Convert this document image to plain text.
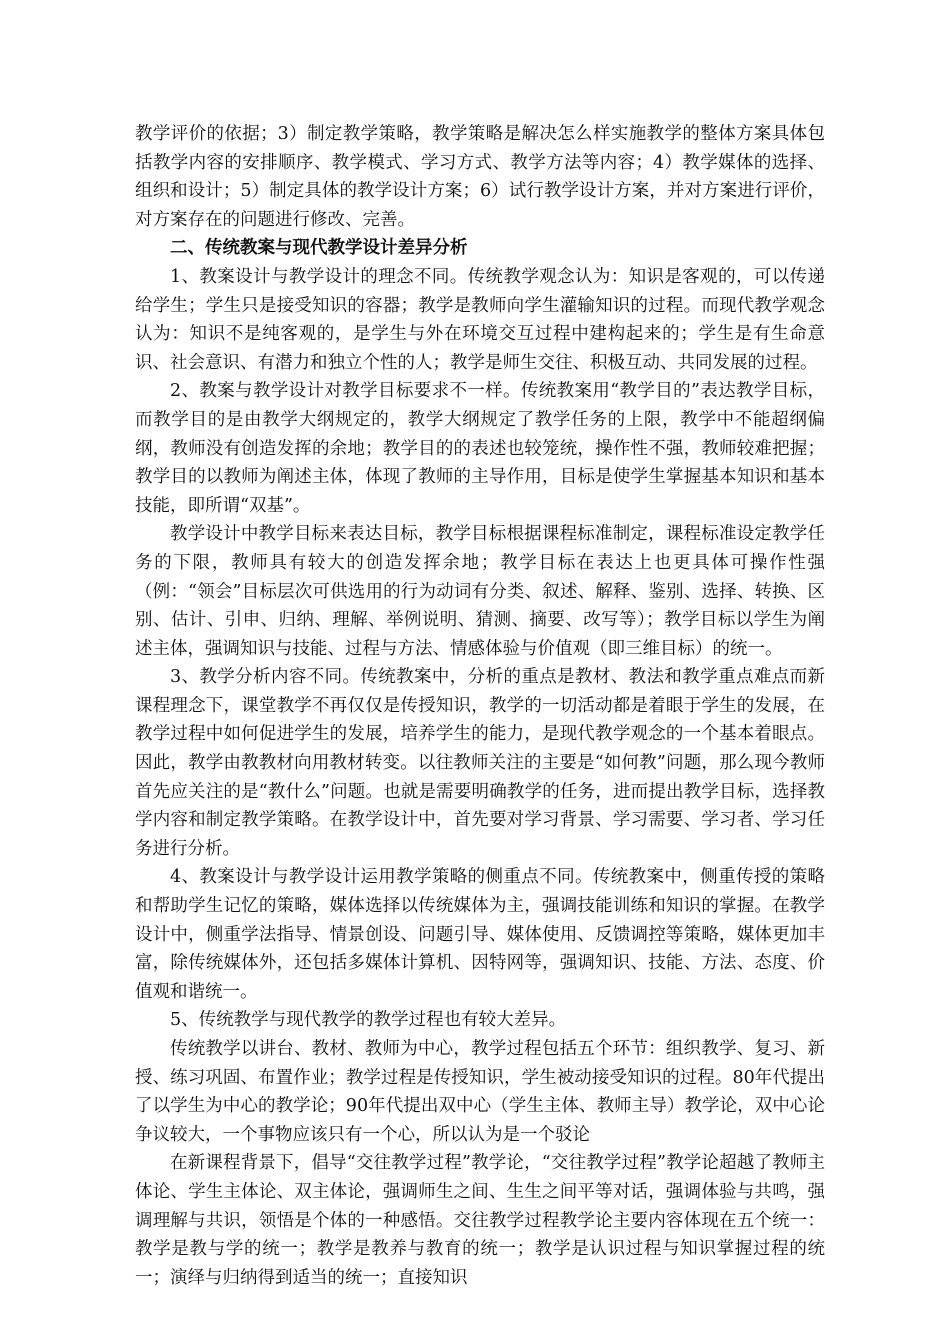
教学评价的依据；3）制定教学策略，教学策略是解决怎么样实施教学的整体方案具体包括教学内容的安排顺序、教学模式、学习方式、教学方法等内容；4）教学媒体的选择、组织和设计；5）制定具体的教学设计方案；6）试行教学设计方案，并对方案进行评价，对方案存在的问题进行修改、完善。

二、传统教案与现代教学设计差异分析

1、教案设计与教学设计的理念不同。传统教学观念认为：知识是客观的，可以传递给学生；学生只是接受知识的容器；教学是教师向学生灌输知识的过程。而现代教学观念认为：知识不是纯客观的，是学生与外在环境交互过程中建构起来的；学生是有生命意识、社会意识、有潜力和独立个性的人；教学是师生交往、积极互动、共同发展的过程。

2、教案与教学设计对教学目标要求不一样。传统教案用“教学目的”表达教学目标，而教学目的是由教学大纲规定的，教学大纲规定了教学任务的上限，教学中不能超纲偏纲，教师没有创造发挥的余地；教学目的的表述也较笼统，操作性不强，教师较难把握；教学目的以教师为阐述主体，体现了教师的主导作用，目标是使学生掌握基本知识和基本技能，即所谓“双基”。

教学设计中教学目标来表达目标，教学目标根据课程标准制定，课程标准设定教学任务的下限，教师具有较大的创造发挥余地；教学目标在表达上也更具体可操作性强（例：“领会”目标层次可供选用的行为动词有分类、叙述、解释、鉴别、选择、转换、区别、估计、引申、归纳、理解、举例说明、猜测、摘要、改写等）；教学目标以学生为阐述主体，强调知识与技能、过程与方法、情感体验与价值观（即三维目标）的统一。

3、教学分析内容不同。传统教案中，分析的重点是教材、教法和教学重点难点而新课程理念下，课堂教学不再仅仅是传授知识，教学的一切活动都是着眼于学生的发展，在教学过程中如何促进学生的发展，培养学生的能力，是现代教学观念的一个基本着眼点。因此，教学由教教材向用教材转变。以往教师关注的主要是“如何教”问题，那么现今教师首先应关注的是“教什么”问题。也就是需要明确教学的任务，进而提出教学目标，选择教学内容和制定教学策略。在教学设计中，首先要对学习背景、学习需要、学习者、学习任务进行分析。

4、教案设计与教学设计运用教学策略的侧重点不同。传统教案中，侧重传授的策略和帮助学生记忆的策略，媒体选择以传统媒体为主，强调技能训练和知识的掌握。在教学设计中，侧重学法指导、情景创设、问题引导、媒体使用、反馈调控等策略，媒体更加丰富，除传统媒体外，还包括多媒体计算机、因特网等，强调知识、技能、方法、态度、价值观和谐统一。

5、传统教学与现代教学的教学过程也有较大差异。

传统教学以讲台、教材、教师为中心，教学过程包括五个环节：组织教学、复习、新授、练习巩固、布置作业；教学过程是传授知识，学生被动接受知识的过程。80年代提出了以学生为中心的教学论；90年代提出双中心（学生主体、教师主导）教学论，双中心论争议较大，一个事物应该只有一个心，所以认为是一个驳论

在新课程背景下，倡导“交往教学过程”教学论，“交往教学过程”教学论超越了教师主体论、学生主体论、双主体论，强调师生之间、生生之间平等对话，强调体验与共鸣，强调理解与共识，领悟是个体的一种感悟。交往教学过程教学论主要内容体现在五个统一：教学是教与学的统一；教学是教养与教育的统一；教学是认识过程与知识掌握过程的统一；演绎与归纳得到适当的统一；直接知识
